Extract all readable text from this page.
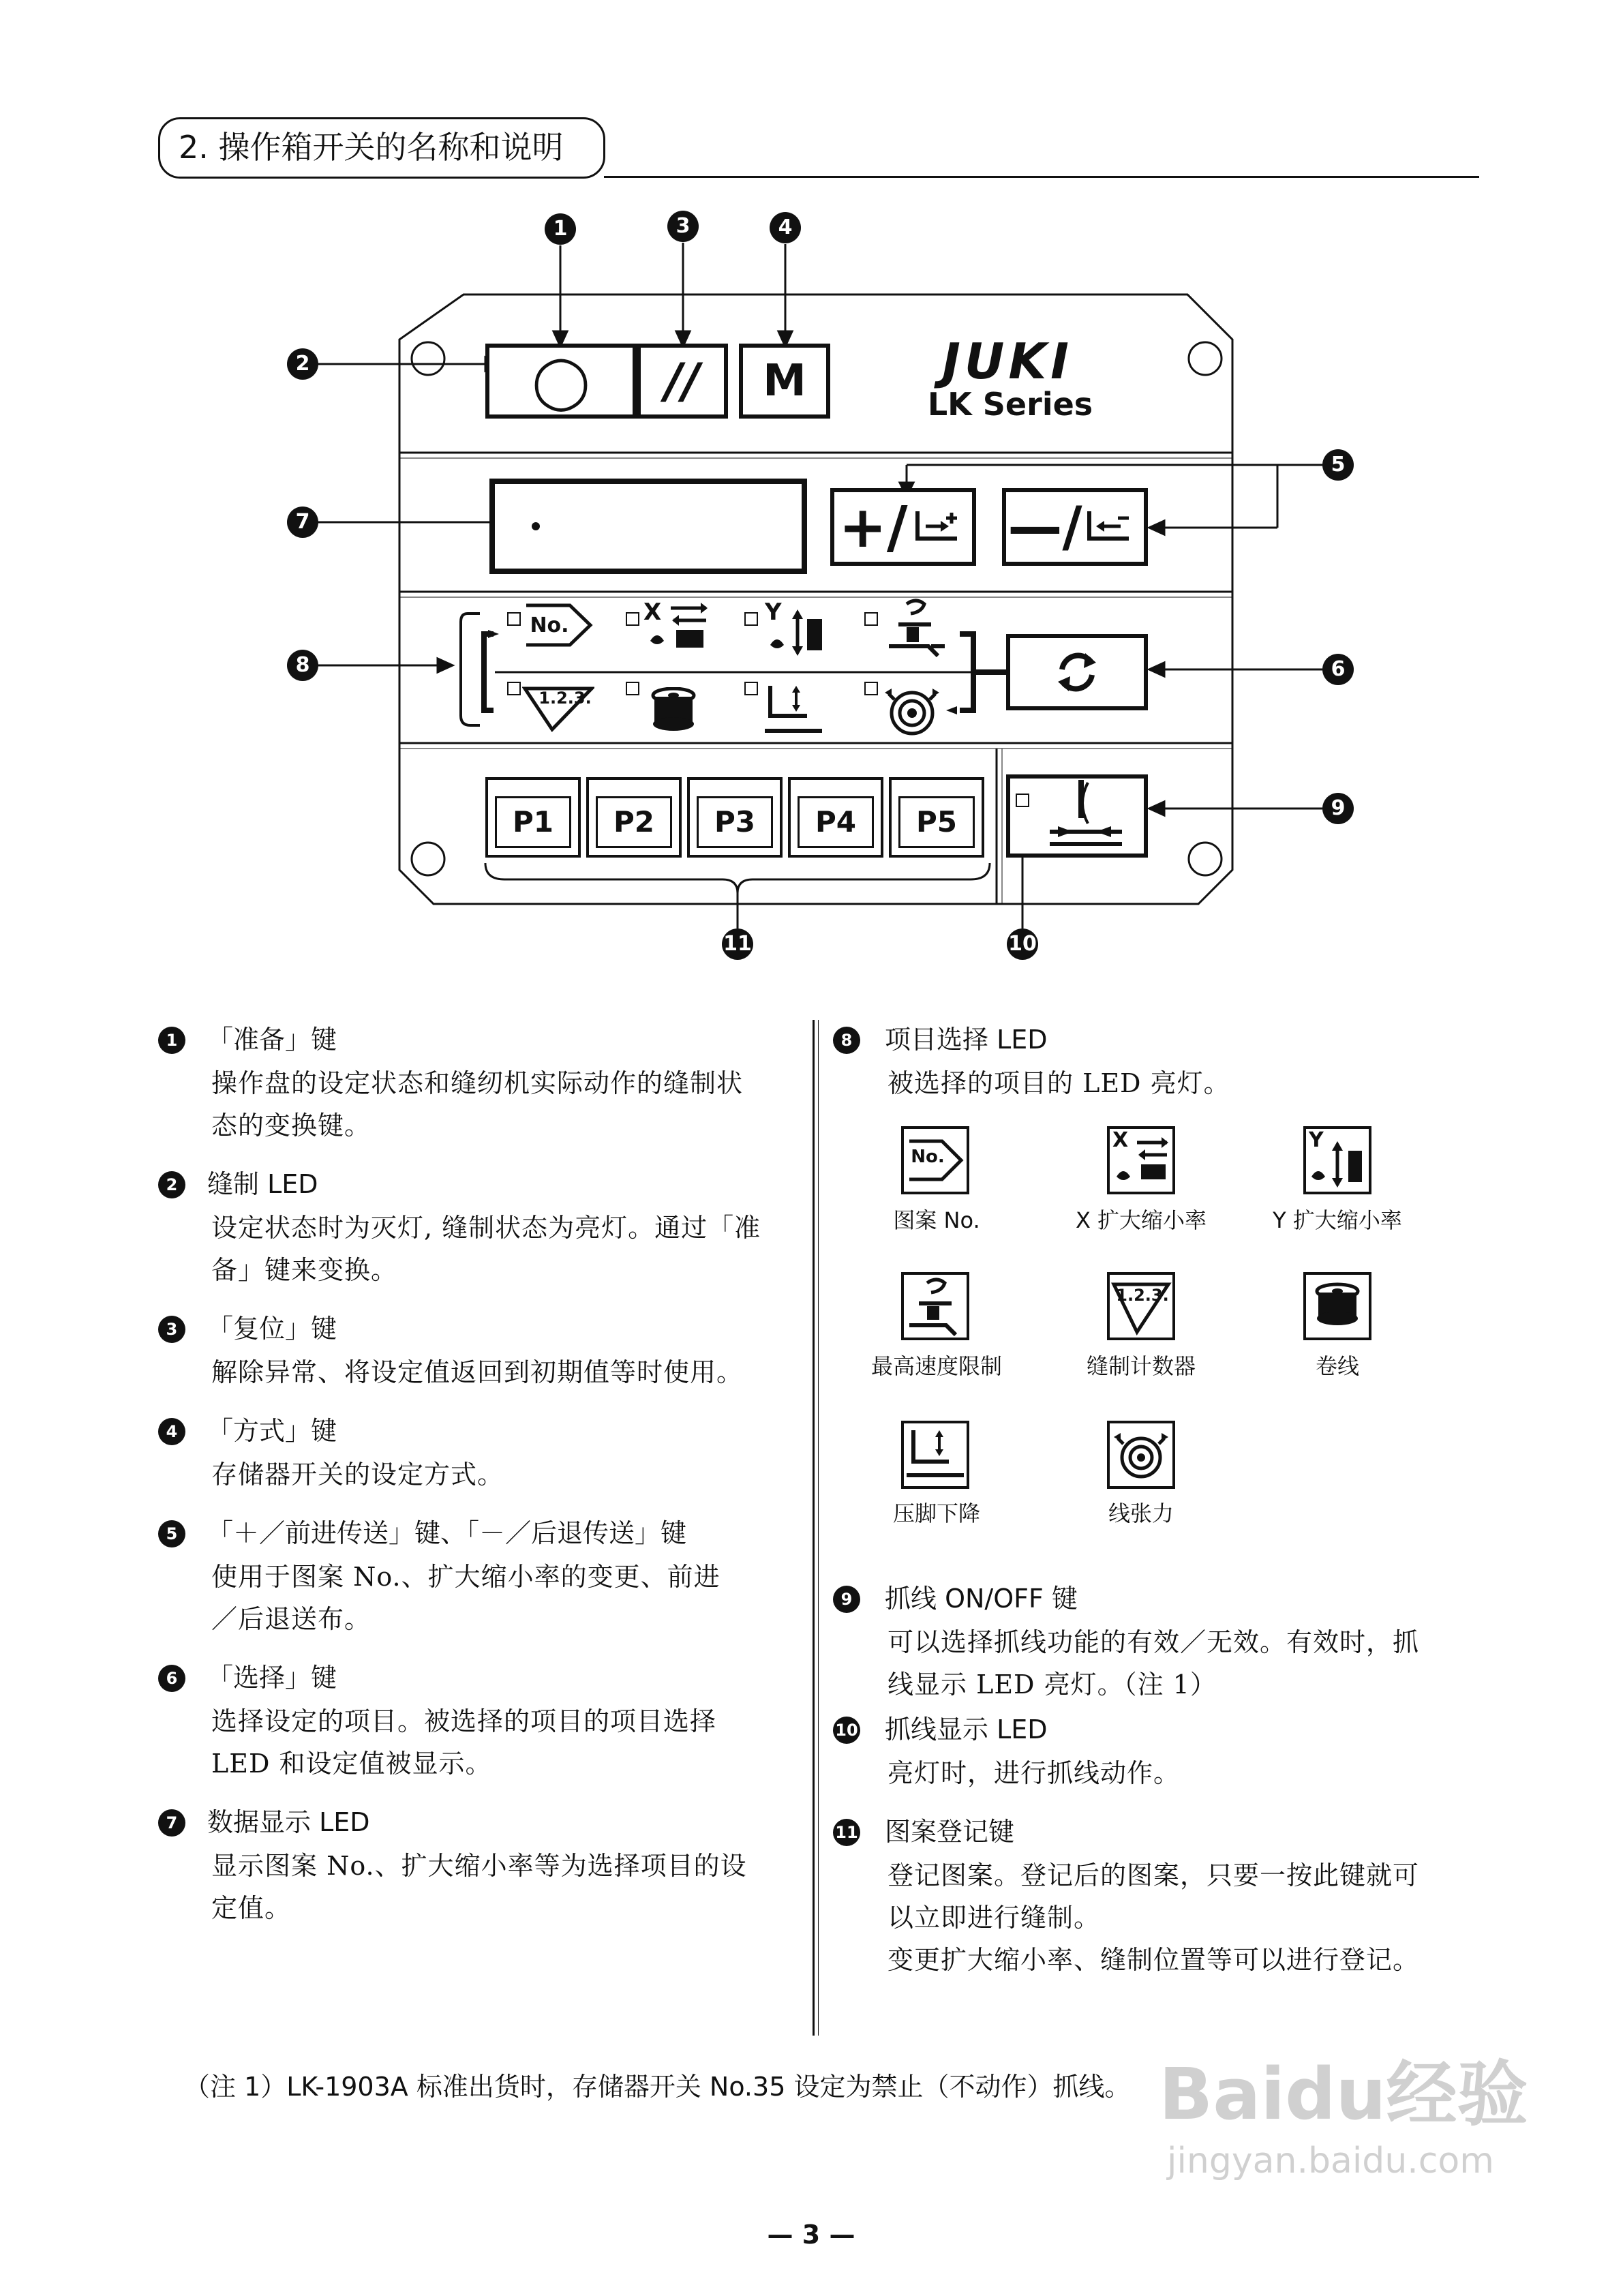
2. 操作箱开关的名称和说明
1
2
3	4
5
6
7
8
9
10
11
◯	//	M	JUKI
LK Series
+/ —/
No.	X	Y
1.2.3.
P1	P2	P3	P4	P5
1	「准备」键
操作盘的设定状态和缝纫机实际动作的缝制状
态的变换键。
2	缝制 LED
设定状态时为灭灯, 缝制状态为亮灯。通过「准
备」键来变换。
3	「复位」键
解除异常、将设定值返回到初期值等时使用。
4	「方式」键
存储器开关的设定方式。
5	「＋／前进传送」键、「－／后退传送」键
使用于图案 No.、扩大缩小率的变更、前进
／后退送布。
6	「选择」键
选择设定的项目。被选择的项目的项目选择
LED 和设定值被显示。
7	数据显示 LED
显示图案 No.、扩大缩小率等为选择项目的设
定值。
8	项目选择 LED
被选择的项目的 LED 亮灯。
No.
图案 No.
X
X 扩大缩小率
Y
Y 扩大缩小率
最高速度限制
1.2.3.
缝制计数器	卷线
压脚下降	线张力
9	抓线 ON/OFF 键
可以选择抓线功能的有效／无效。有效时，抓
线显示 LED 亮灯。（注 1）
10 抓线显示 LED
亮灯时，进行抓线动作。
11 图案登记键
登记图案。登记后的图案，只要一按此键就可
以立即进行缝制。
变更扩大缩小率、缝制位置等可以进行登记。
（注 1）LK-1903A 标准出货时，存储器开关 No.35 设定为禁止（不动作）抓线。 Baidu经验
jingyan.baidu.com
— 3 —
